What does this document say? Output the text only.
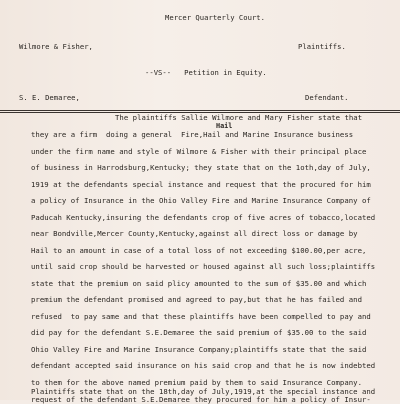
Mercer Quarterly Court.
Wilmore & Fisher,	Plaintiffs.
--VS--   Petition in Equity.
S. E. Demaree,	Defendant.
Hail
The plaintiffs Sallie Wilmore and Mary Fisher state that
they are a firm  doing a general  Fire,Hail and Marine Insurance business
under the firm name and style of Wilmore & Fisher with their principal place
of business in Harrodsburg,Kentucky; they state that on the 1oth,day of July,
1919 at the defendants special instance and request that the procured for him
a policy of Insurance in the Ohio Valley Fire and Marine Insurance Company of
Paducah Kentucky,insuring the defendants crop of five acres of tobacco,located
near Bondville,Mercer County,Kentucky,against all direct loss or damage by
Hail to an amount in case of a total loss of not exceeding $100.00,per acre,
until said crop should be harvested or housed against all such loss;plaintiffs
state that the premium on said plicy amounted to the sum of $35.00 and which
premium the defendant promised and agreed to pay,but that he has failed and
refused  to pay same and that these plaintiffs have been compelled to pay and
did pay for the defendant S.E.Demaree the said premium of $35.00 to the said
Ohio Valley Fire and Marine Insurance Company;plaintiffs state that the said
defendant accepted said insurance on his said crop and that he is now indebted
to them for the above named premium paid by them to said Insurance Company.
Plaintiffs state that on the 18th,day of July,1919,at the special instance and
request of the defendant S.E.Demaree they procured for him a policy of Insur-
